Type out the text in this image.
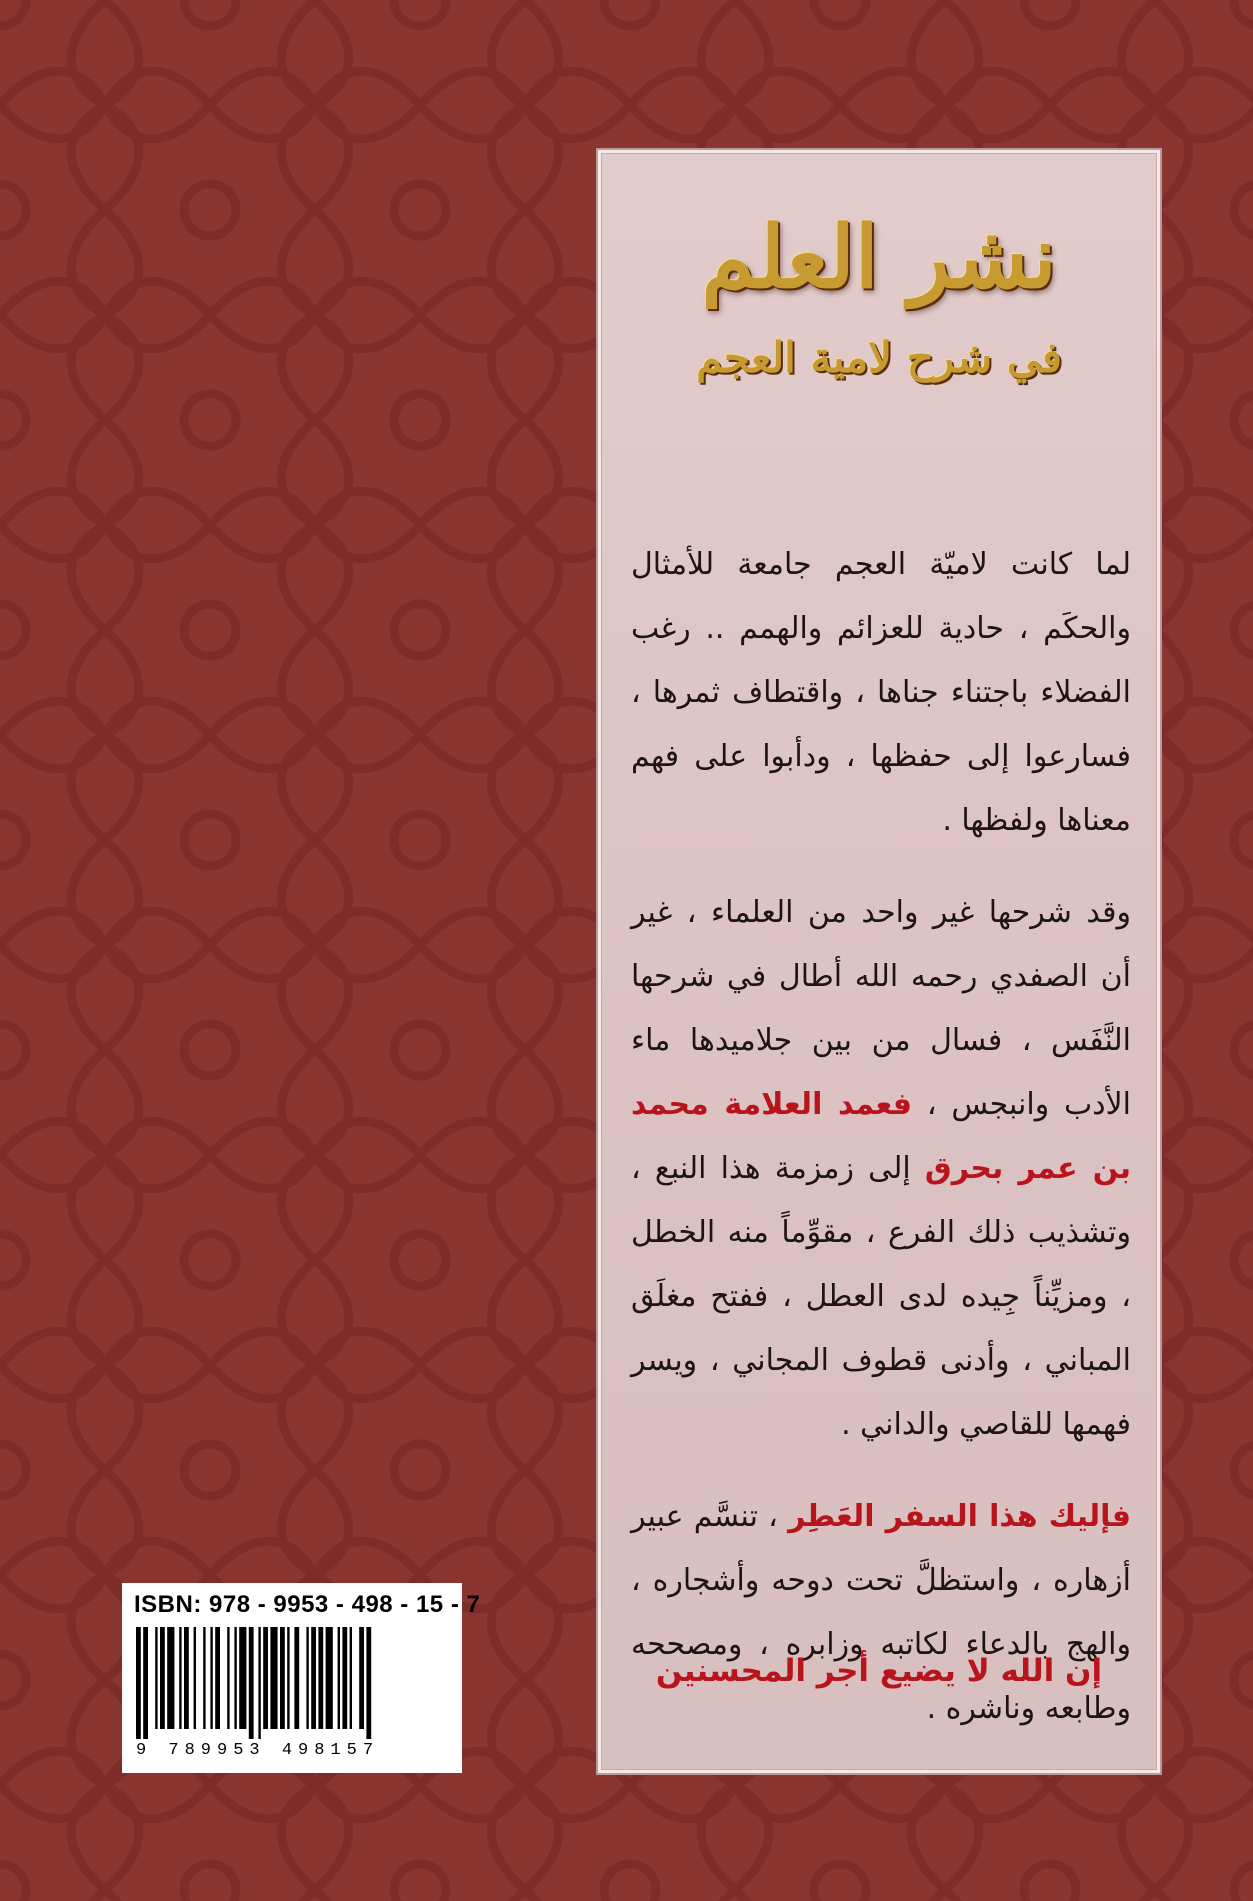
نشر العلم
في شرح لامية العجم

لما كانت لاميّة العجم جامعة للأمثال والحكَم ، حادية للعزائم والهمم .. رغب الفضلاء باجتناء جناها ، واقتطاف ثمرها ، فسارعوا إلى حفظها ، ودأبوا على فهم معناها ولفظها .

وقد شرحها غير واحد من العلماء ، غير أن الصفدي رحمه الله أطال في شرحها النَّفَس ، فسال من بين جلاميدها ماء الأدب وانبجس ، فعمد العلامة محمد بن عمر بحرق إلى زمزمة هذا النبع ، وتشذيب ذلك الفرع ، مقوِّماً منه الخطل ، ومزيِّناً جِيده لدى العطل ، ففتح مغلَق المباني ، وأدنى قطوف المجاني ، ويسر فهمها للقاصي والداني .

فإليك هذا السفر العَطِر ، تنسَّم عبير أزهاره ، واستظلَّ تحت دوحه وأشجاره ، والهج بالدعاء لكاتبه وزابره ، ومصححه وطابعه وناشره .

إن الله لا يضيع أجر المحسنين
ISBN: 978 - 9953 - 498 - 15 - 7
9 789953 498157
